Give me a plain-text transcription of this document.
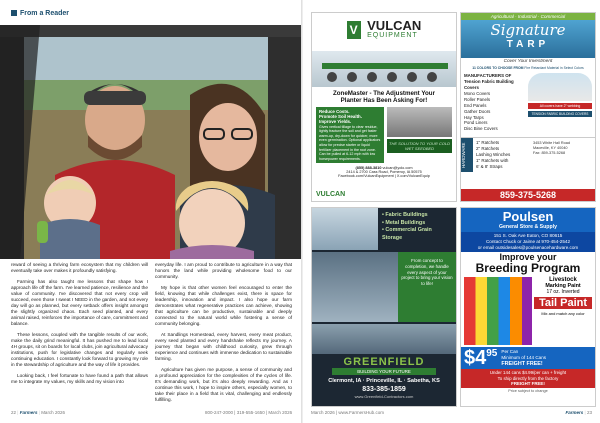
From a Reader

reward of seeing a thriving farm ecosystem that my children will eventually take over makes it profoundly satisfying.

Farming has also taught me lessons that shape how I approach life off the farm. I've learned patience, resilience and the value of community. I've discovered that not every crop will succeed, even those I sweat I NEED in the garden, and not every day will go as planned, but every setback offers insight amongst the slightly organized chaos. Each seed planted, and every animal raised, reinforces the importance of care, commitment and balance.

These lessons, coupled with the tangible results of our work, make the daily grind meaningful. It has pushed me to lead local 4H groups, sit on boards for local clubs, join agricultural advocacy institutions, push for legislative changes and regularly seek continuing education. I constantly look forward to growing my role in the stewardship of agriculture and the way of life it provides.

Looking back, I feel fortunate to have found a path that allows me to integrate my values, my skills and my vision into

everyday life. I am proud to contribute to agriculture in a way that honors the land while providing wholesome food to our community.

My hope is that other women feel encouraged to enter the field, knowing that while challenges exist, there is space for leadership, innovation and impact. I also hope our farm demonstrates what regenerative practices can achieve, showing that agriculture can be productive, sustainable and deeply connected to the natural world while fostering a sense of community belonging.

At Sandlings Homestead, every harvest, every meat product, every seed planted and every handshake reflects my journey. A journey that began with childhood curiosity, grew through experience and continues with immense dedication to sustainable farming.

Agriculture has given me purpose, a sense of community and a profound appreciation for the complexities of the cycles of life. It's demanding work, but it's also deeply rewarding. And as I continue this work, I hope to inspire others, especially women, to take their place in a field that is vital, challenging and endlessly fulfilling.

22 | Farmers | March 2026	800-247-2000 | 319-555-1650 | March 2026
V VULCAN
EQUIPMENT
ZoneMaster - The Adjustment Your
Planter Has Been Asking For!
Reduce Costs.
Promote Soil Health.
Improve Yields.
Gives vertical tillage to clear residue, lightly fracture the soil and get faster warm-up, dry-down for quicker, more even germination. Optional applicators allow for precise starter or liquid fertilizer placement in the root zone. Can be pulled at 6-12 mph with low horsepower requirements.
THE SOLUTION TO YOUR COLD WET SEEDBED
(855) 888-3810 vulcan@yolo.com
2414 & 2700 Cass Road, Pomeroy, IA 50575
Facebook.com/VulcanEquipment | X.com/VulcanEquip
VULCAN
Agricultural · Industrial · Commercial
Signature
TARP
Cover Your Investment
11 COLORS TO CHOOSE FROM Fire Retardant Material in Select Colors
MANUFACTURERS OF Tension Fabric Building Covers
Mono Covers
Roller Panels
End Panels
Gather Doors
Hay Tarps
Pond Liners
Disc Bine Covers
All covers have 2" webbing
TENSION FABRIC BUILDING COVERS
HARDWARE	1" Ratchets
2" Ratchets
Lashing Winches
1" Ratchets with
6' & 8' Straps
3453 White Hall Road
Maceville, KY 40040
Fax: 859-375-5268
859-375-5268
• Fabric Buildings
• Metal Buildings
• Commercial Grain Storage
From concept to completion, we handle every aspect of your project to bring your vision to life!
GREENFIELD
BUILDING YOUR FUTURE
Clermont, IA · Princeville, IL · Sabetha, KS
833-385-1859
www.Greenfield-Contractors.com
Poulsen
General Store & Supply
151 S. Oak Ave Eaton, CO 80615
Contact Chuck or Jaime at 970-454-2542
or email outsidesales@poulsenacehardware.com
Improve your
Breeding Program
Livestock
Marking Paint
17 oz. Inverted
Tail Paint
Mix and match any color
$4 95 Per Can
Minimum of 144 Cans
FREIGHT FREE!
Under 144 cans $4.99/per can + freight
To ship directly from the factory
FREIGHT FREE!
Price subject to change
March 2026 | www.FarmersHub.com	Farmers | 23
